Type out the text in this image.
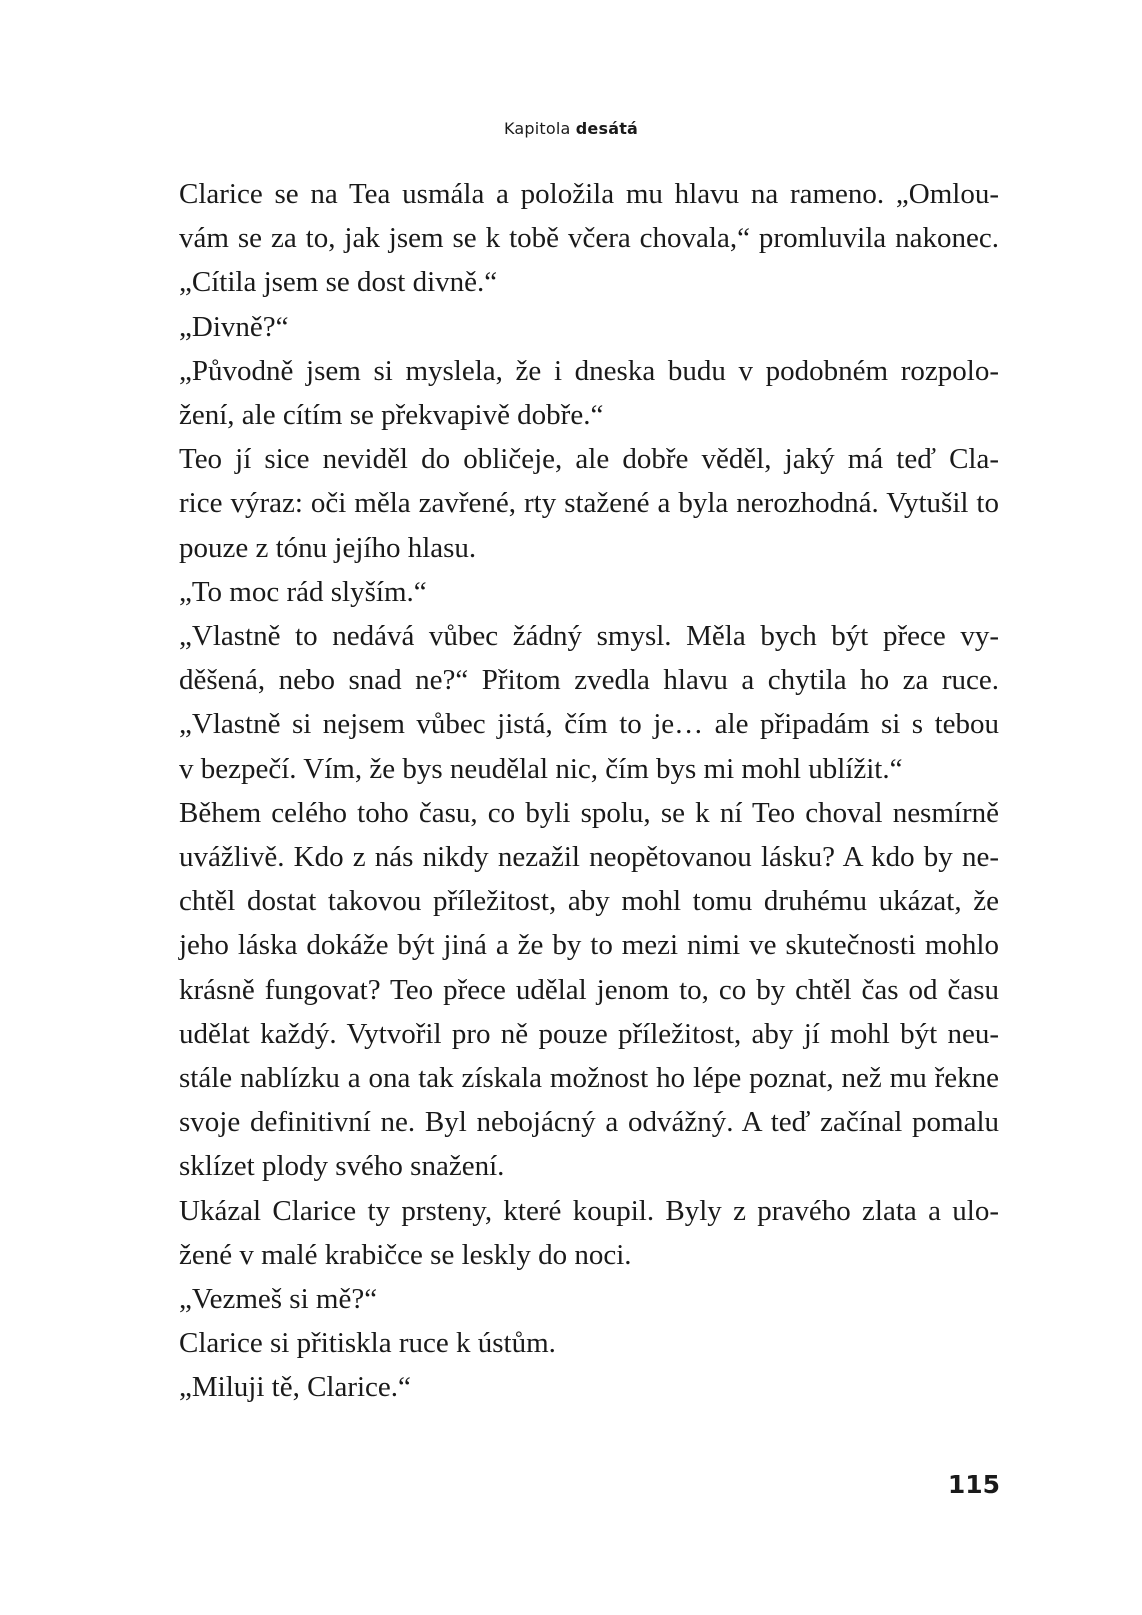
Kapitola desátá

Clarice se na Tea usmála a položila mu hlavu na rameno. „Omlou-
vám se za to, jak jsem se k tobě včera chovala,“ promluvila nakonec.
„Cítila jsem se dost divně.“

„Divně?“

„Původně jsem si myslela, že i dneska budu v podobném rozpolo-
žení, ale cítím se překvapivě dobře.“

Teo jí sice neviděl do obličeje, ale dobře věděl, jaký má teď Cla-
rice výraz: oči měla zavřené, rty stažené a byla nerozhodná. Vytušil to
pouze z tónu jejího hlasu.

„To moc rád slyším.“

„Vlastně to nedává vůbec žádný smysl. Měla bych být přece vy-
děšená, nebo snad ne?“ Přitom zvedla hlavu a chytila ho za ruce.
„Vlastně si nejsem vůbec jistá, čím to je… ale připadám si s tebou
v bezpečí. Vím, že bys neudělal nic, čím bys mi mohl ublížit.“

Během celého toho času, co byli spolu, se k ní Teo choval nesmírně
uvážlivě. Kdo z nás nikdy nezažil neopětovanou lásku? A kdo by ne-
chtěl dostat takovou příležitost, aby mohl tomu druhému ukázat, že
jeho láska dokáže být jiná a že by to mezi nimi ve skutečnosti mohlo
krásně fungovat? Teo přece udělal jenom to, co by chtěl čas od času
udělat každý. Vytvořil pro ně pouze příležitost, aby jí mohl být neu-
stále nablízku a ona tak získala možnost ho lépe poznat, než mu řekne
svoje definitivní ne. Byl nebojácný a odvážný. A teď začínal pomalu
sklízet plody svého snažení.

Ukázal Clarice ty prsteny, které koupil. Byly z pravého zlata a ulo-
žené v malé krabičce se leskly do noci.

„Vezmeš si mě?“

Clarice si přitiskla ruce k ústům.

„Miluji tě, Clarice.“

115
